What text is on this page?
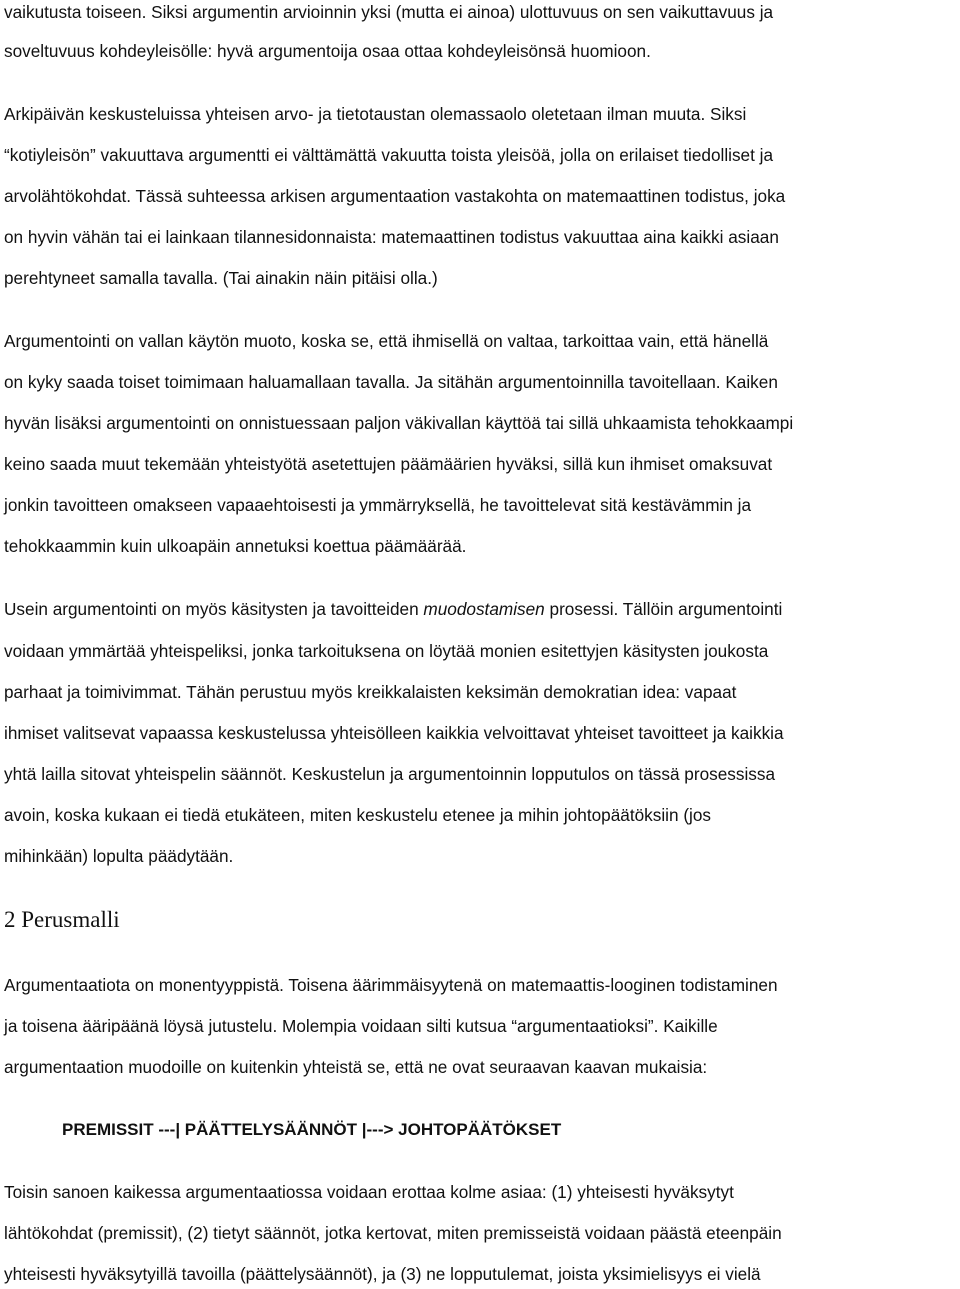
vaikutusta toiseen. Siksi argumentin arvioinnin yksi (mutta ei ainoa) ulottuvuus on sen vaikuttavuus ja
soveltuvuus kohdeyleisölle: hyvä argumentoija osaa ottaa kohdeyleisönsä huomioon.
Arkipäivän keskusteluissa yhteisen arvo- ja tietotaustan olemassaolo oletetaan ilman muuta. Siksi
“kotiyleisön” vakuuttava argumentti ei välttämättä vakuutta toista yleisöä, jolla on erilaiset tiedolliset ja
arvolähtökohdat. Tässä suhteessa arkisen argumentaation vastakohta on matemaattinen todistus, joka
on hyvin vähän tai ei lainkaan tilannesidonnaista: matemaattinen todistus vakuuttaa aina kaikki asiaan
perehtyneet samalla tavalla. (Tai ainakin näin pitäisi olla.)
Argumentointi on vallan käytön muoto, koska se, että ihmisellä on valtaa, tarkoittaa vain, että hänellä
on kyky saada toiset toimimaan haluamallaan tavalla. Ja sitähän argumentoinnilla tavoitellaan. Kaiken
hyvän lisäksi argumentointi on onnistuessaan paljon väkivallan käyttöä tai sillä uhkaamista tehokkaampi
keino saada muut tekemään yhteistyötä asetettujen päämäärien hyväksi, sillä kun ihmiset omaksuvat
jonkin tavoitteen omakseen vapaaehtoisesti ja ymmärryksellä, he tavoittelevat sitä kestävämmin ja
tehokkaammin kuin ulkoapäin annetuksi koettua päämäärää.
Usein argumentointi on myös käsitysten ja tavoitteiden muodostamisen prosessi. Tällöin argumentointi
voidaan ymmärtää yhteispeliksi, jonka tarkoituksena on löytää monien esitettyjen käsitysten joukosta
parhaat ja toimivimmat. Tähän perustuu myös kreikkalaisten keksimän demokratian idea: vapaat
ihmiset valitsevat vapaassa keskustelussa yhteisölleen kaikkia velvoittavat yhteiset tavoitteet ja kaikkia
yhtä lailla sitovat yhteispelin säännöt. Keskustelun ja argumentoinnin lopputulos on tässä prosessissa
avoin, koska kukaan ei tiedä etukäteen, miten keskustelu etenee ja mihin johtopäätöksiin (jos
mihinkään) lopulta päädytään.
2 Perusmalli
Argumentaatiota on monentyyppistä. Toisena äärimmäisyytenä on matemaattis-looginen todistaminen
ja toisena ääripäänä löysä jutustelu. Molempia voidaan silti kutsua “argumentaatioksi”. Kaikille
argumentaation muodoille on kuitenkin yhteistä se, että ne ovat seuraavan kaavan mukaisia:
PREMISSIT ---| PÄÄTTELYSÄÄNNÖT |---> JOHTOPÄÄTÖKSET
Toisin sanoen kaikessa argumentaatiossa voidaan erottaa kolme asiaa: (1) yhteisesti hyväksytyt
lähtökohdat (premissit), (2) tietyt säännöt, jotka kertovat, miten premisseistä voidaan päästä eteenpäin
yhteisesti hyväksytyillä tavoilla (päättelysäännöt), ja (3) ne lopputulemat, joista yksimielisyys ei vielä
